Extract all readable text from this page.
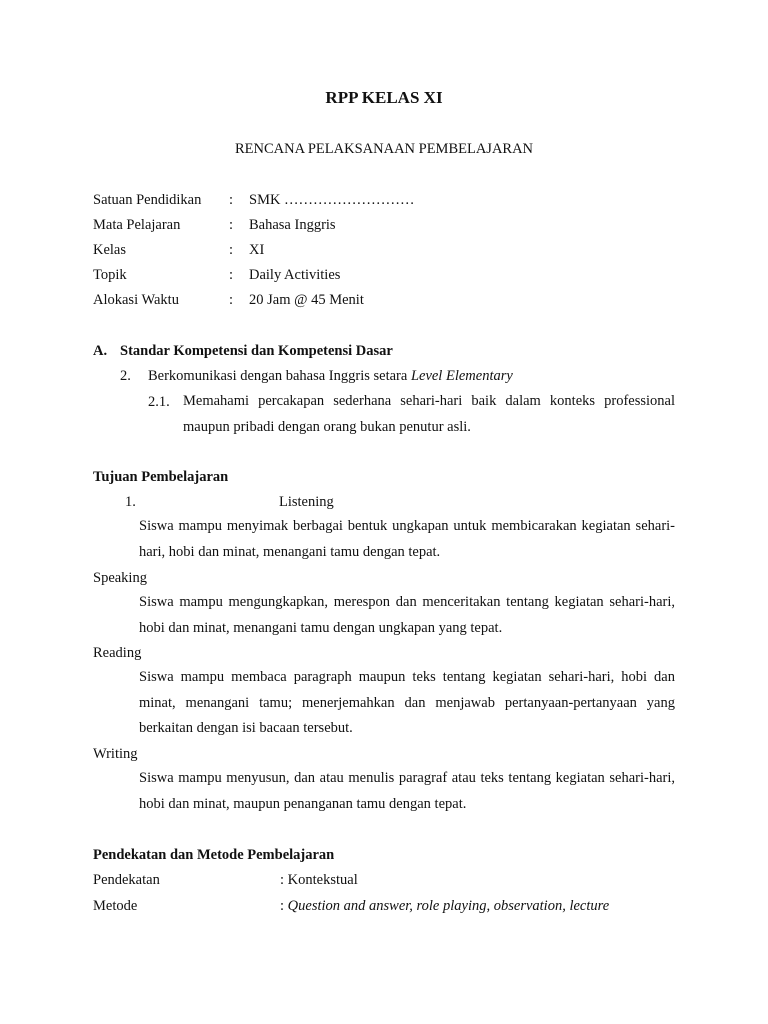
RPP KELAS XI
RENCANA PELAKSANAAN PEMBELAJARAN
Satuan Pendidikan : SMK ………………………
Mata Pelajaran	: Bahasa Inggris
Kelas	: XI
Topik	: Daily Activities
Alokasi Waktu	: 20 Jam @ 45 Menit
A. Standar Kompetensi dan Kompetensi Dasar
2. Berkomunikasi dengan bahasa Inggris setara Level Elementary
2.1. Memahami percakapan sederhana sehari-hari baik dalam konteks professional maupun pribadi dengan orang bukan penutur asli.
Tujuan Pembelajaran
1.	Listening
Siswa mampu menyimak berbagai bentuk ungkapan untuk membicarakan kegiatan sehari-hari, hobi dan minat, menangani tamu dengan tepat.
Speaking
Siswa mampu mengungkapkan, merespon dan menceritakan tentang kegiatan sehari-hari, hobi dan minat, menangani tamu dengan ungkapan yang tepat.
Reading
Siswa mampu membaca paragraph maupun teks tentang kegiatan sehari-hari, hobi dan minat, menangani tamu; menerjemahkan dan menjawab pertanyaan-pertanyaan yang berkaitan dengan isi bacaan tersebut.
Writing
Siswa mampu menyusun, dan atau menulis paragraf atau teks tentang kegiatan sehari-hari, hobi dan minat, maupun penanganan tamu dengan tepat.
Pendekatan dan Metode Pembelajaran
Pendekatan	: Kontekstual
Metode	: Question and answer, role playing, observation, lecture
